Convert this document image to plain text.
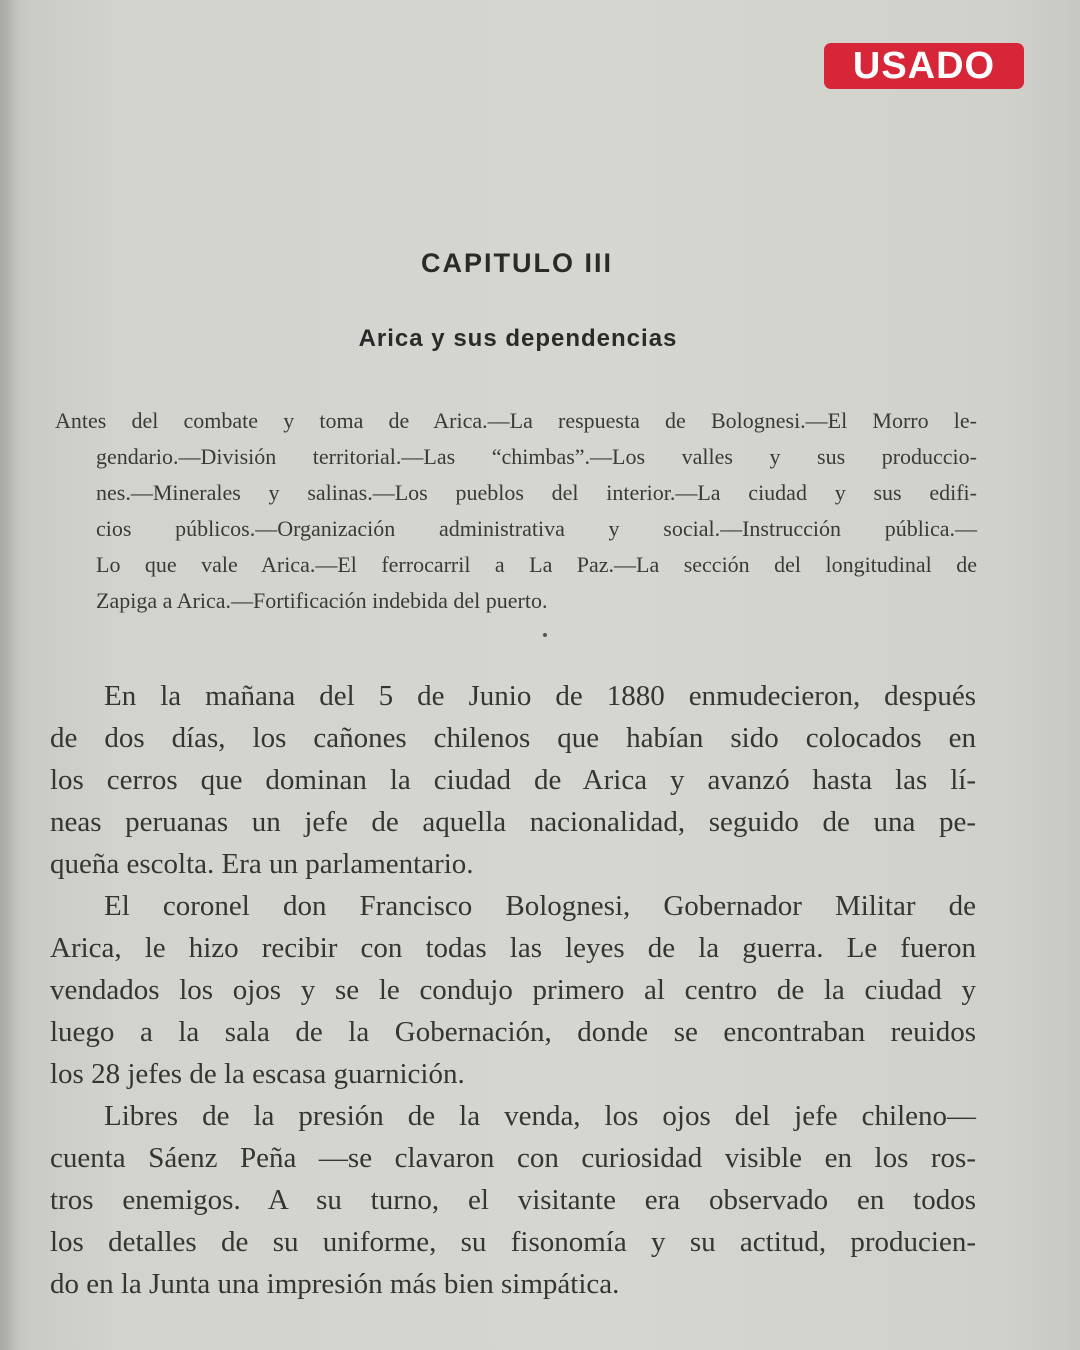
USADO
CAPITULO III
Arica y sus dependencias
Antes del combate y toma de Arica.—La respuesta de Bolognesi.—El Morro le-
gendario.—División territorial.—Las “chimbas”.—Los valles y sus produccio-
nes.—Minerales y salinas.—Los pueblos del interior.—La ciudad y sus edifi-
cios públicos.—Organización administrativa y social.—Instrucción pública.—
Lo que vale Arica.—El ferrocarril a La Paz.—La sección del longitudinal de
Zapiga a Arica.—Fortificación indebida del puerto.
En la mañana del 5 de Junio de 1880 enmudecieron, después
de dos días, los cañones chilenos que habían sido colocados en
los cerros que dominan la ciudad de Arica y avanzó hasta las lí-
neas peruanas un jefe de aquella nacionalidad, seguido de una pe-
queña escolta. Era un parlamentario.
El coronel don Francisco Bolognesi, Gobernador Militar de
Arica, le hizo recibir con todas las leyes de la guerra. Le fueron
vendados los ojos y se le condujo primero al centro de la ciudad y
luego a la sala de la Gobernación, donde se encontraban reuidos
los 28 jefes de la escasa guarnición.
Libres de la presión de la venda, los ojos del jefe chileno—
cuenta Sáenz Peña —se clavaron con curiosidad visible en los ros-
tros enemigos. A su turno, el visitante era observado en todos
los detalles de su uniforme, su fisonomía y su actitud, producien-
do en la Junta una impresión más bien simpática.
